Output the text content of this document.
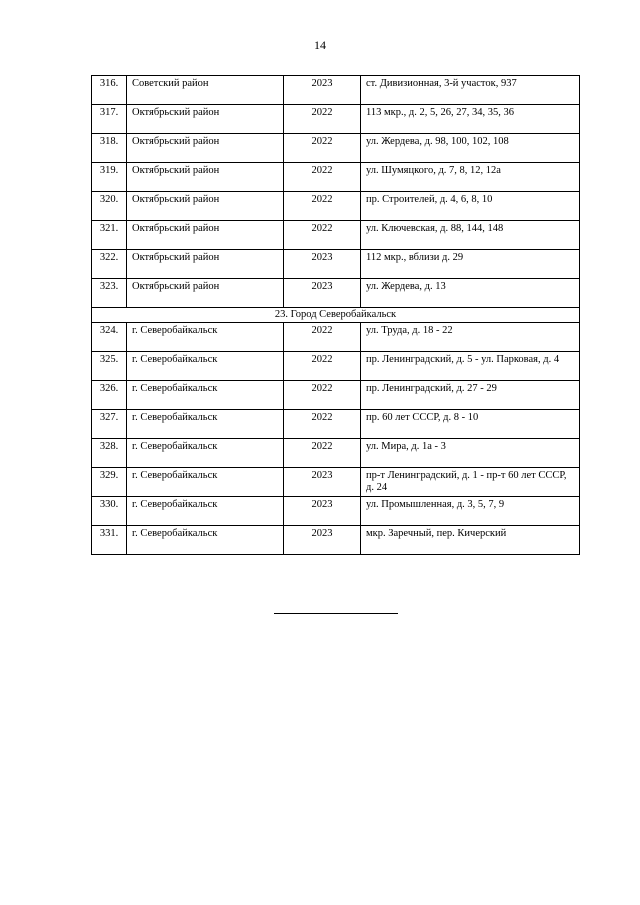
14
316.	Советский район	2023	ст. Дивизионная, 3-й участок, 937
317.	Октябрьский район	2022	113 мкр., д. 2, 5, 26, 27, 34, 35, 36
318.	Октябрьский район	2022	ул. Жердева, д. 98, 100, 102, 108
319.	Октябрьский район	2022	ул. Шумяцкого, д. 7, 8, 12, 12а
320.	Октябрьский район	2022	пр. Строителей, д. 4, 6, 8, 10
321.	Октябрьский район	2022	ул. Ключевская, д. 88, 144, 148
322.	Октябрьский район	2023	112 мкр., вблизи д. 29
323.	Октябрьский район	2023	ул. Жердева, д. 13
23. Город Северобайкальск			
324.	г. Северобайкальск	2022	ул. Труда, д. 18 - 22
325.	г. Северобайкальск	2022	пр. Ленинградский, д. 5 - ул. Парковая, д. 4
326.	г. Северобайкальск	2022	пр. Ленинградский, д. 27 - 29
327.	г. Северобайкальск	2022	пр. 60 лет СССР, д. 8 - 10
328.	г. Северобайкальск	2022	ул. Мира, д. 1а - 3
329.	г. Северобайкальск	2023	пр-т Ленинградский, д. 1 - пр-т 60 лет СССР, д. 24
330.	г. Северобайкальск	2023	ул. Промышленная, д. 3, 5, 7, 9
331.	г. Северобайкальск	2023	мкр. Заречный, пер. Кичерский
